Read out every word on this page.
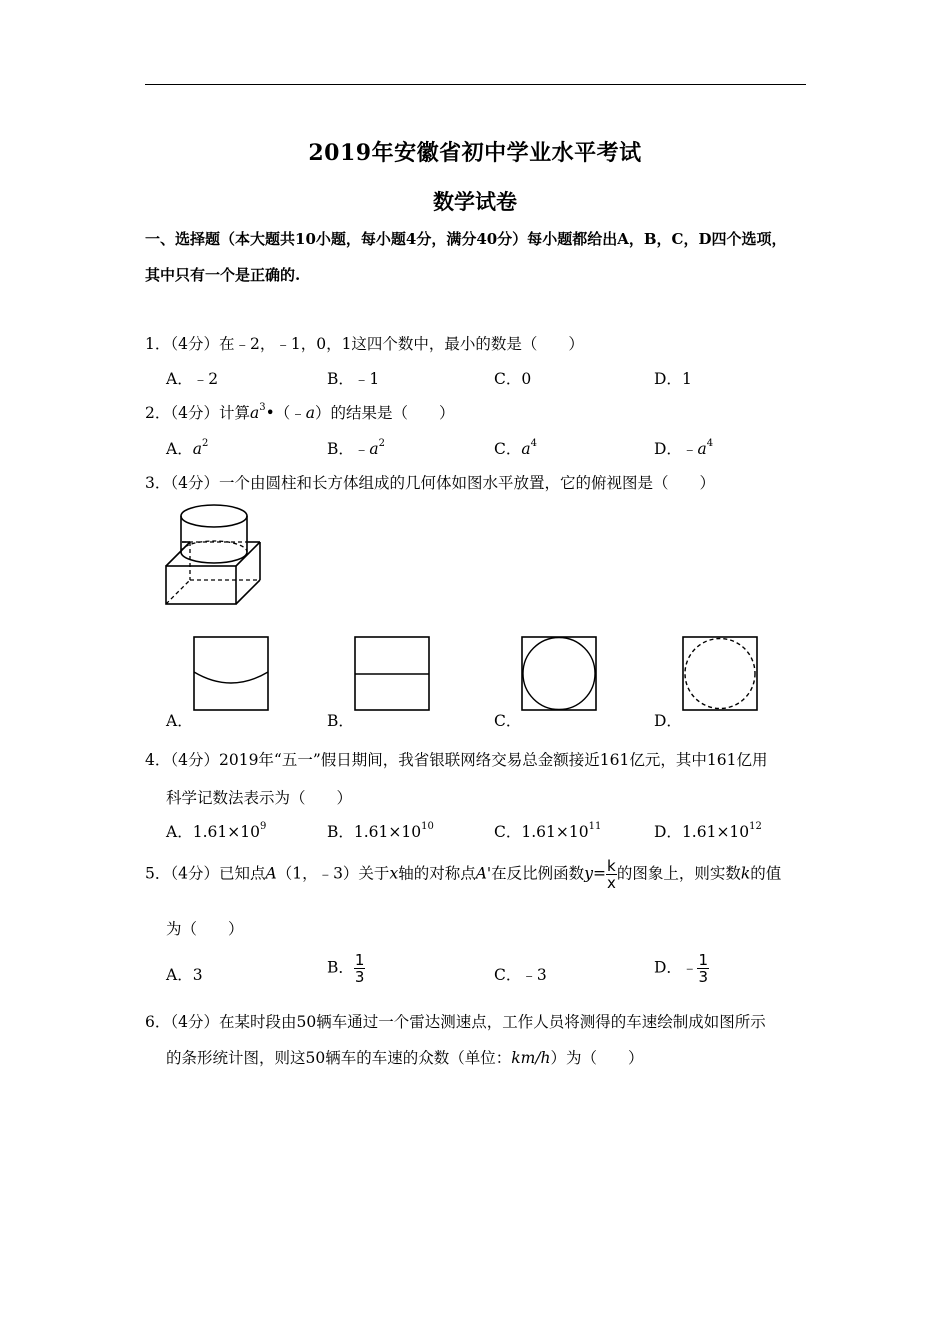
2019年安徽省初中学业水平考试
数学试卷
一、选择题（本大题共10小题，每小题4分，满分40分）每小题都给出A，B，C，D四个选项，
其中只有一个是正确的.
1．（4分）在﹣2，﹣1，0，1这四个数中，最小的数是（　　）
A．﹣2	B．﹣1	C．0	D．1
2．（4分）计算$a^3•(﹣a)$的结果是（　　）
A．$a^2$	B．$﹣a^2$	C．$a^4$	D．$﹣a^4$
3．（4分）一个由圆柱和长方体组成的几何体如图水平放置，它的俯视图是（　　）
A．	B．	C．	D．
4．（4分）2019年“五一”假日期间，我省银联网络交易总金额接近161亿元，其中161亿用
科学记数法表示为（　　）
A．$1.61\times 10^9$	B．$1.61\times 10^{10}$	C．$1.61\times 10^{11}$	D．$1.61\times 10^{12}$
5．（4分）已知点A（1，﹣3）关于x轴的对称点A'在反比例函数$y= \frac{k}{x}$ 的图象上，则实数k的值
为（　　）
A．3	B． $\frac{1}{3}$	C．﹣3	D．﹣ $\frac{1}{3}$
6．（4分）在某时段由50辆车通过一个雷达测速点，工作人员将测得的车速绘制成如图所示
的条形统计图，则这50辆车的车速的众数（单位：km/h）为（　　）
